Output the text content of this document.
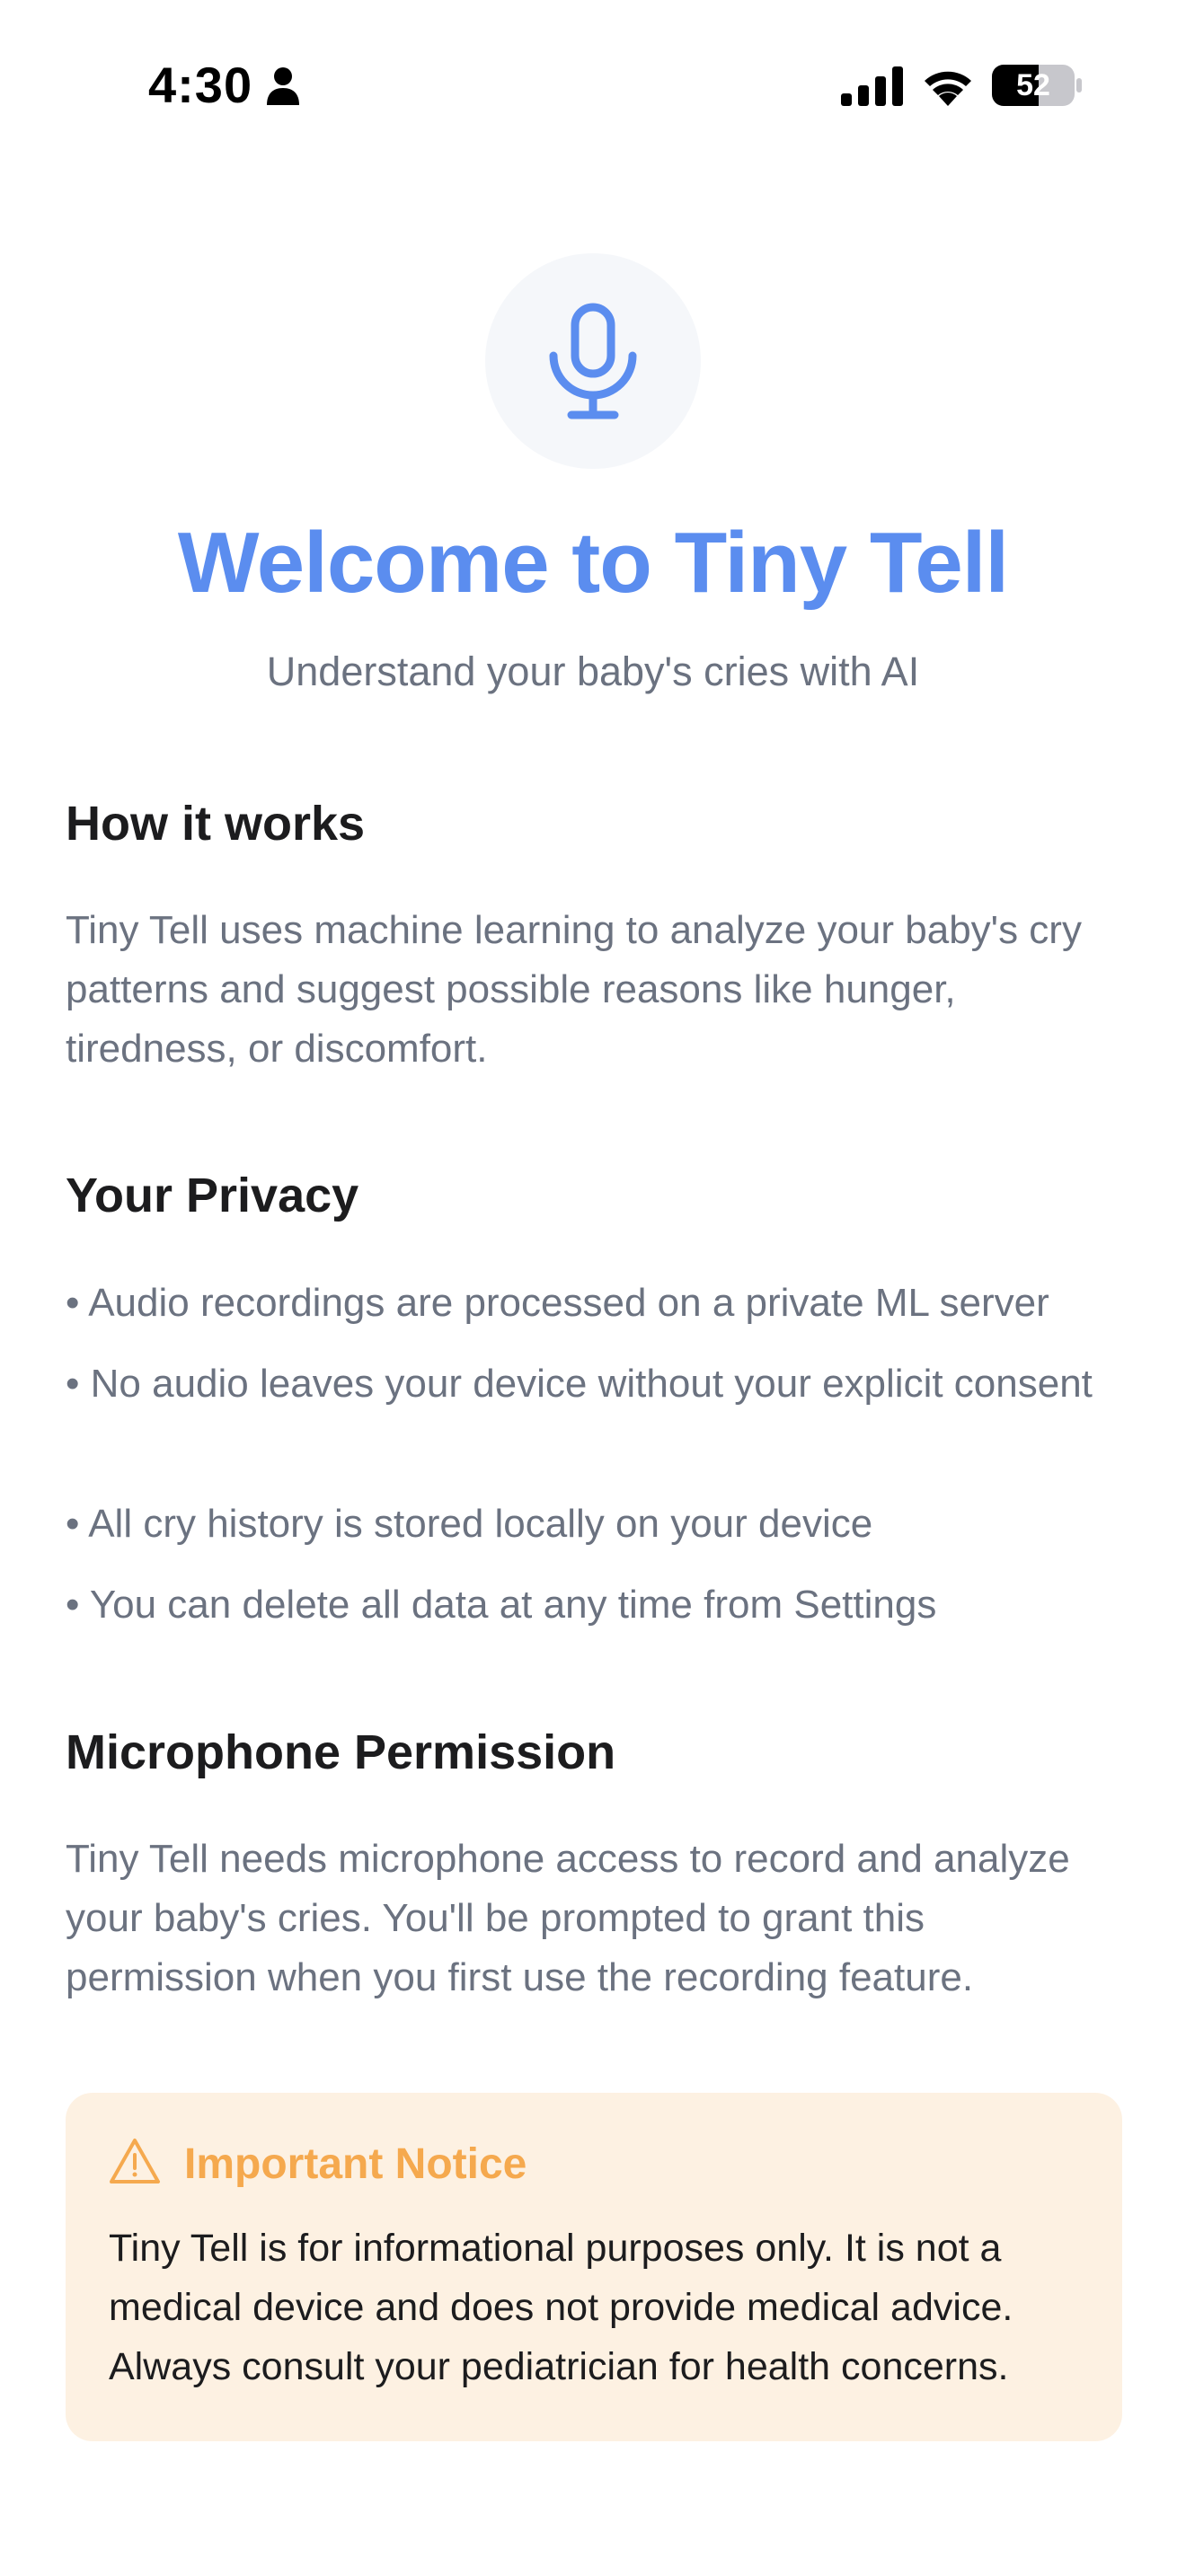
4:30	52
Welcome to Tiny Tell

Understand your baby's cries with AI

How it works

Tiny Tell uses machine learning to analyze your baby's cry patterns and suggest possible reasons like hunger, tiredness, or discomfort.

Your Privacy

• Audio recordings are processed on a private ML server

• No audio leaves your device without your explicit consent

• All cry history is stored locally on your device

• You can delete all data at any time from Settings

Microphone Permission

Tiny Tell needs microphone access to record and analyze your baby's cries. You'll be prompted to grant this permission when you first use the recording feature.

Important Notice

Tiny Tell is for informational purposes only. It is not a medical device and does not provide medical advice. Always consult your pediatrician for health concerns.
